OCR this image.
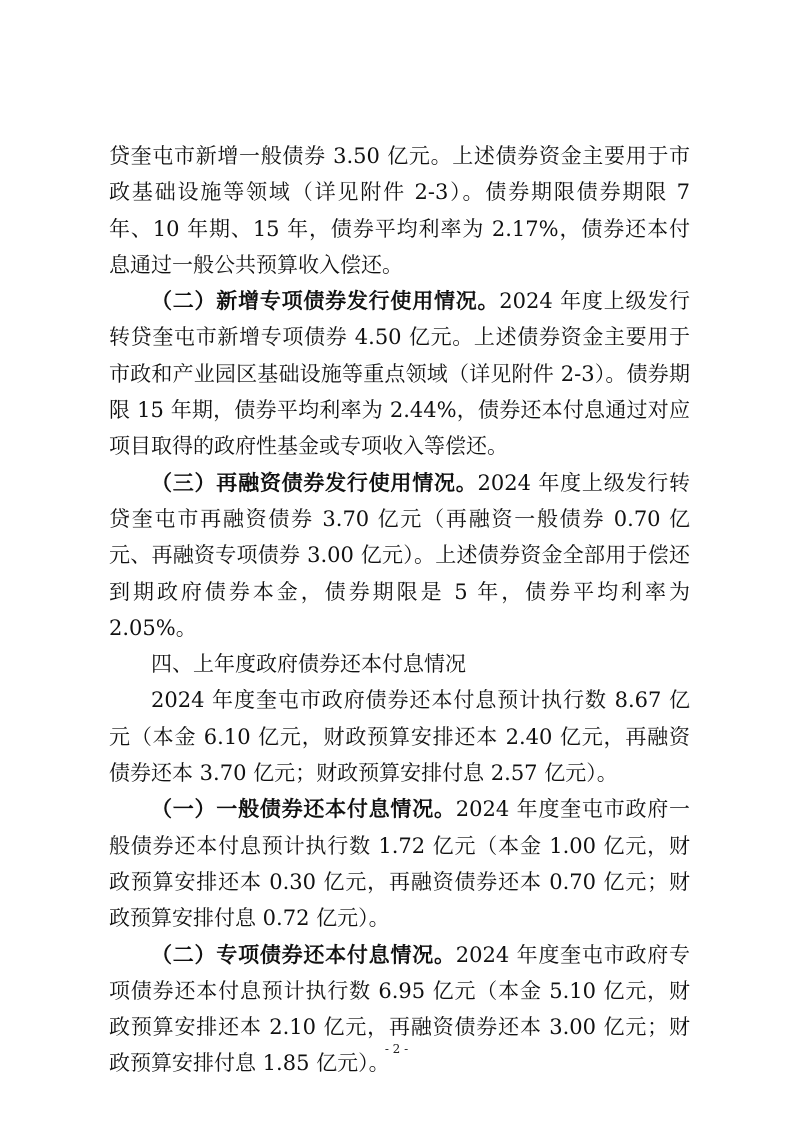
贷奎屯市新增一般债券 3.50 亿元。上述债券资金主要用于市政基础设施等领域（详见附件 2-3）。债券期限债券期限 7 年、10 年期、15 年，债券平均利率为 2.17%，债券还本付息通过一般公共预算收入偿还。

（二）新增专项债券发行使用情况。2024 年度上级发行转贷奎屯市新增专项债券 4.50 亿元。上述债券资金主要用于市政和产业园区基础设施等重点领域（详见附件 2-3）。债券期限 15 年期，债券平均利率为 2.44%，债券还本付息通过对应项目取得的政府性基金或专项收入等偿还。

（三）再融资债券发行使用情况。2024 年度上级发行转贷奎屯市再融资债券 3.70 亿元（再融资一般债券 0.70 亿元、再融资专项债券 3.00 亿元）。上述债券资金全部用于偿还到期政府债券本金，债券期限是 5 年，债券平均利率为 2.05%。

四、上年度政府债券还本付息情况

2024 年度奎屯市政府债券还本付息预计执行数 8.67 亿元（本金 6.10 亿元，财政预算安排还本 2.40 亿元，再融资债券还本 3.70 亿元；财政预算安排付息 2.57 亿元）。

（一）一般债券还本付息情况。2024 年度奎屯市政府一般债券还本付息预计执行数 1.72 亿元（本金 1.00 亿元，财政预算安排还本 0.30 亿元，再融资债券还本 0.70 亿元；财政预算安排付息 0.72 亿元）。

（二）专项债券还本付息情况。2024 年度奎屯市政府专项债券还本付息预计执行数 6.95 亿元（本金 5.10 亿元，财政预算安排还本 2.10 亿元，再融资债券还本 3.00 亿元；财政预算安排付息 1.85 亿元）。

- 2 -
